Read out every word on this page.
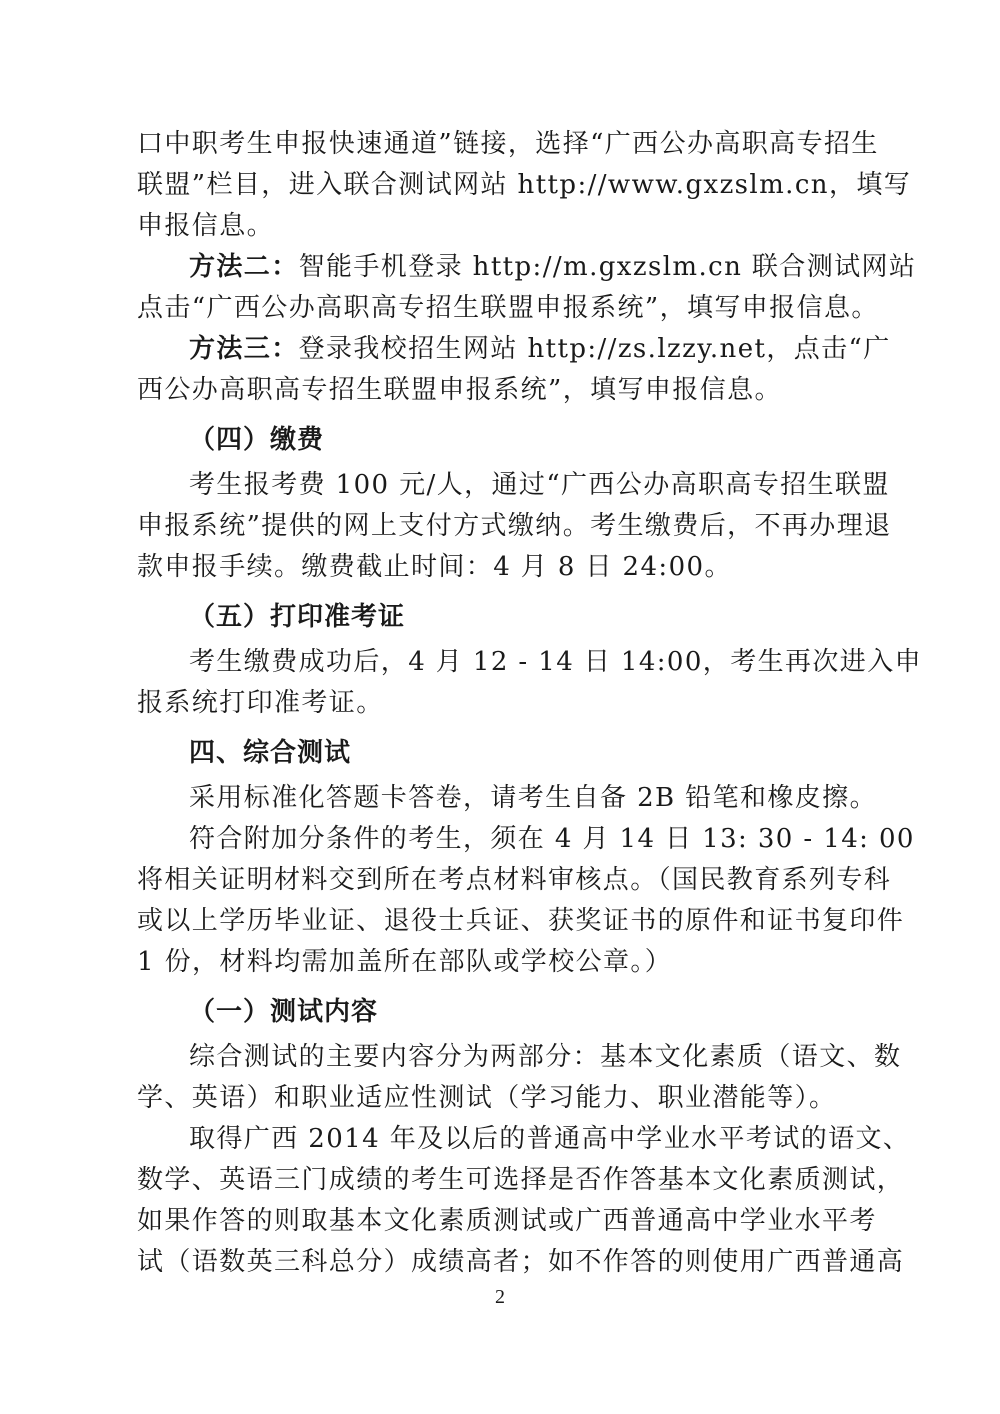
口中职考生申报快速通道”链接，选择“广西公办高职高专招生
联盟”栏目，进入联合测试网站 http://www.gxzslm.cn，填写
申报信息。

方法二：智能手机登录 http://m.gxzslm.cn 联合测试网站
点击“广西公办高职高专招生联盟申报系统”，填写申报信息。

方法三：登录我校招生网站 http://zs.lzzy.net，点击“广
西公办高职高专招生联盟申报系统”，填写申报信息。

（四）缴费

考生报考费 100 元/人，通过“广西公办高职高专招生联盟
申报系统”提供的网上支付方式缴纳。考生缴费后，不再办理退
款申报手续。缴费截止时间：4 月 8 日 24:00。

（五）打印准考证

考生缴费成功后，4 月 12 - 14 日 14:00，考生再次进入申
报系统打印准考证。

四、综合测试

采用标准化答题卡答卷，请考生自备 2B 铅笔和橡皮擦。

符合附加分条件的考生，须在 4 月 14 日 13: 30 - 14: 00
将相关证明材料交到所在考点材料审核点。（国民教育系列专科
或以上学历毕业证、退役士兵证、获奖证书的原件和证书复印件
1 份，材料均需加盖所在部队或学校公章。）

（一）测试内容

综合测试的主要内容分为两部分：基本文化素质（语文、数
学、英语）和职业适应性测试（学习能力、职业潜能等）。

取得广西 2014 年及以后的普通高中学业水平考试的语文、
数学、英语三门成绩的考生可选择是否作答基本文化素质测试，
如果作答的则取基本文化素质测试或广西普通高中学业水平考
试（语数英三科总分）成绩高者；如不作答的则使用广西普通高

2
